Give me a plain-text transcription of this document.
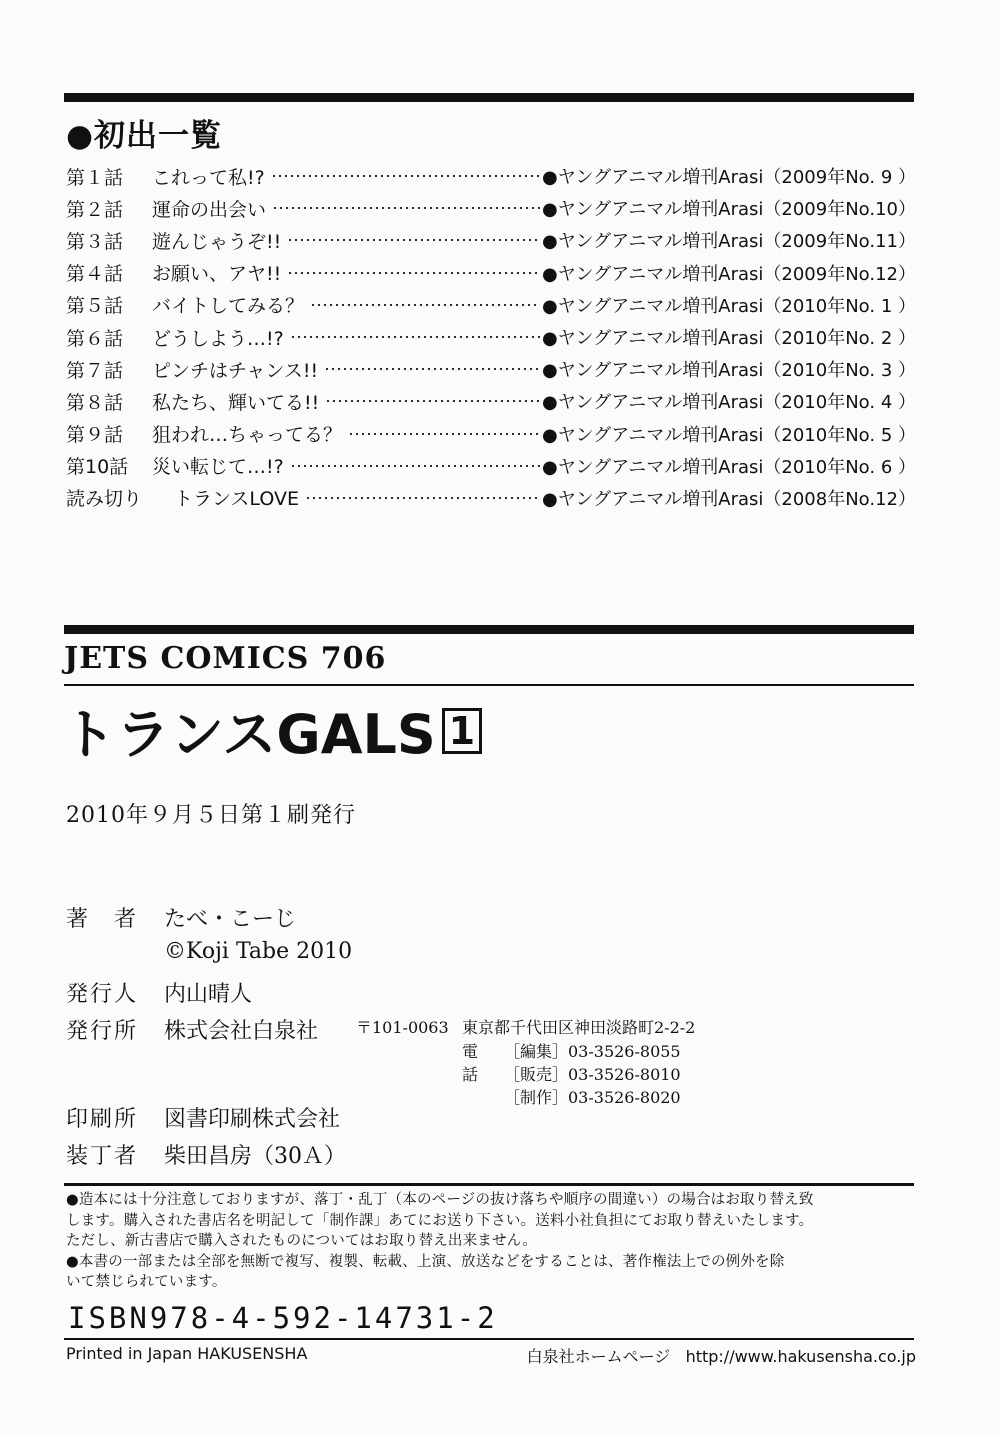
●初出一覧
第１話	これって私!?	●ヤングアニマル増刊Arasi（2009年No. 9 ）
第２話	運命の出会い	●ヤングアニマル増刊Arasi（2009年No.10）
第３話	遊んじゃうぞ!!	●ヤングアニマル増刊Arasi（2009年No.11）
第４話	お願い、アヤ!!	●ヤングアニマル増刊Arasi（2009年No.12）
第５話	バイトしてみる？	●ヤングアニマル増刊Arasi（2010年No. 1 ）
第６話	どうしよう…!?	●ヤングアニマル増刊Arasi（2010年No. 2 ）
第７話	ピンチはチャンス!!	●ヤングアニマル増刊Arasi（2010年No. 3 ）
第８話	私たち、輝いてる!!	●ヤングアニマル増刊Arasi（2010年No. 4 ）
第９話	狙われ…ちゃってる？	●ヤングアニマル増刊Arasi（2010年No. 5 ）
第10話	災い転じて…!?	●ヤングアニマル増刊Arasi（2010年No. 6 ）
読み切り	トランスLOVE	●ヤングアニマル増刊Arasi（2008年No.12）
JETS COMICS 706
トランスGALS 1
2010年９月５日第１刷発行
著　者	たべ・こーじ
©Koji Tabe 2010
発行人	内山晴人
発行所	株式会社白泉社 〒101-0063 東京都千代田区神田淡路町2-2-2
電話
［編集］03-3526-8055
［販売］03-3526-8010
［制作］03-3526-8020
印刷所	図書印刷株式会社
装丁者	柴田昌房（30Ａ）

●造本には十分注意しておりますが、落丁・乱丁（本のページの抜け落ちや順序の間違い）の場合はお取り替え致

します。購入された書店名を明記して「制作課」あてにお送り下さい。送料小社負担にてお取り替えいたします。

ただし、新古書店で購入されたものについてはお取り替え出来ません。

●本書の一部または全部を無断で複写、複製、転載、上演、放送などをすることは、著作権法上での例外を除

いて禁じられています。

ISBN978-4-592-14731-2
Printed in Japan HAKUSENSHA	白泉社ホームページ http://www.hakusensha.co.jp
